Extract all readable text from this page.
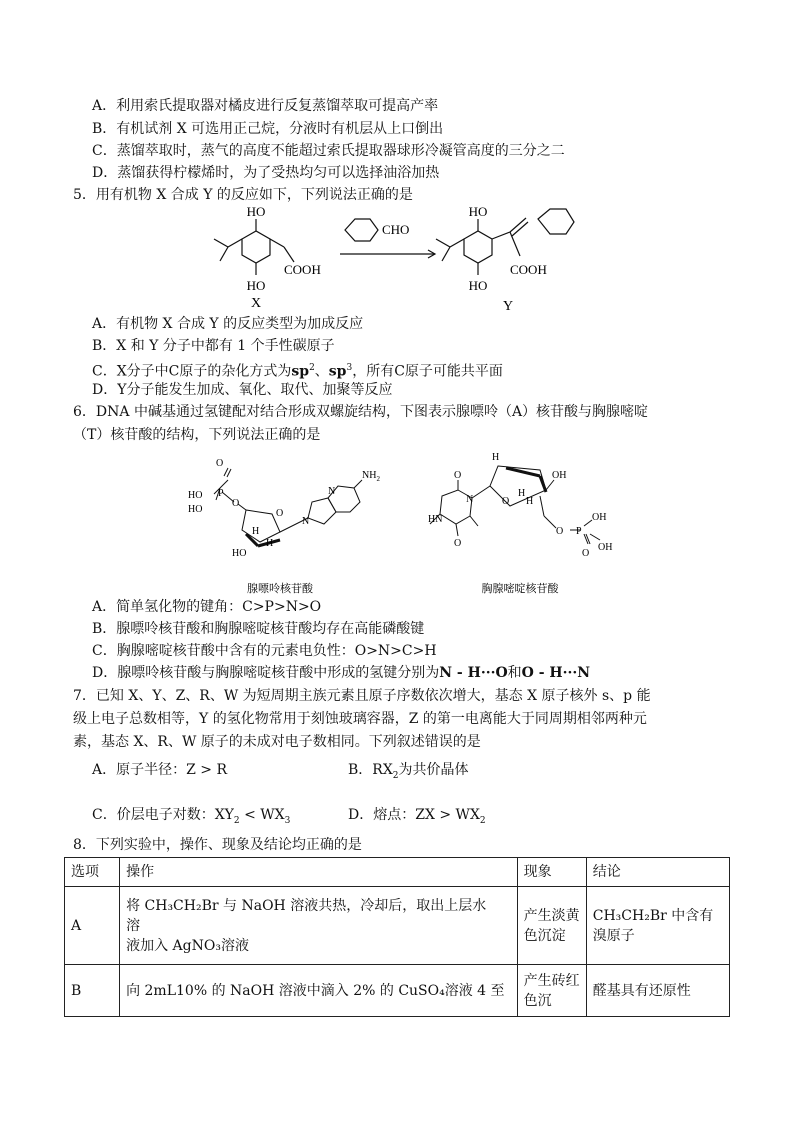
A．利用索氏提取器对橘皮进行反复蒸馏萃取可提高产率
B．有机试剂 X 可选用正己烷，分液时有机层从上口倒出
C．蒸馏萃取时，蒸气的高度不能超过索氏提取器球形冷凝管高度的三分之二
D．蒸馏获得柠檬烯时，为了受热均匀可以选择油浴加热
5．用有机物 X 合成 Y 的反应如下，下列说法正确的是
HO
HO
COOH
X
CHO
HO
HO
COOH
Y
A．有机物 X 合成 Y 的反应类型为加成反应
B．X 和 Y 分子中都有 1 个手性碳原子
C．X分子中C原子的杂化方式为$sp^2$、$sp^3$，所有C原子可能共平面
D．Y分子能发生加成、氧化、取代、加聚等反应
6．DNA 中碱基通过氢键配对结合形成双螺旋结构，下图表示腺嘌呤（A）核苷酸与胸腺嘧啶
（T）核苷酸的结构，下列说法正确的是
O
HO P
HO
O
HO
H
H
O
N
N
$NH_2$
H
OH
H
H
O
O P
OH
OH
O
O
HN
N
O
腺嘌呤核苷酸	胸腺嘧啶核苷酸
A．简单氢化物的键角：C>P>N>O
B．腺嘌呤核苷酸和胸腺嘧啶核苷酸均存在高能磷酸键
C．胸腺嘧啶核苷酸中含有的元素电负性：O>N>C>H
D．腺嘌呤核苷酸与胸腺嘧啶核苷酸中形成的氢键分别为N - H···O和O - H···N
7．已知 X、Y、Z、R、W 为短周期主族元素且原子序数依次增大，基态 X 原子核外 s、p 能
级上电子总数相等，Y 的氢化物常用于刻蚀玻璃容器，Z 的第一电离能大于同周期相邻两种元
素，基态 X、R、W 原子的未成对电子数相同。下列叙述错误的是
A．原子半径：Z > R	B．$RX_2$为共价晶体
C．价层电子对数：$XY_2 < WX_3$	D．熔点：ZX > $WX_2$
8．下列实验中，操作、现象及结论均正确的是
选项	操作	现象	结论
A	将 CH₃CH₂Br 与 NaOH 溶液共热，冷却后，取出上层水
溶
液加入 AgNO₃溶液	产生淡黄色沉淀	CH₃CH₂Br 中含有溴原子
B	向 2mL10% 的 NaOH 溶液中滴入 2% 的 CuSO₄溶液 4 至	产生砖红色沉	醛基具有还原性
